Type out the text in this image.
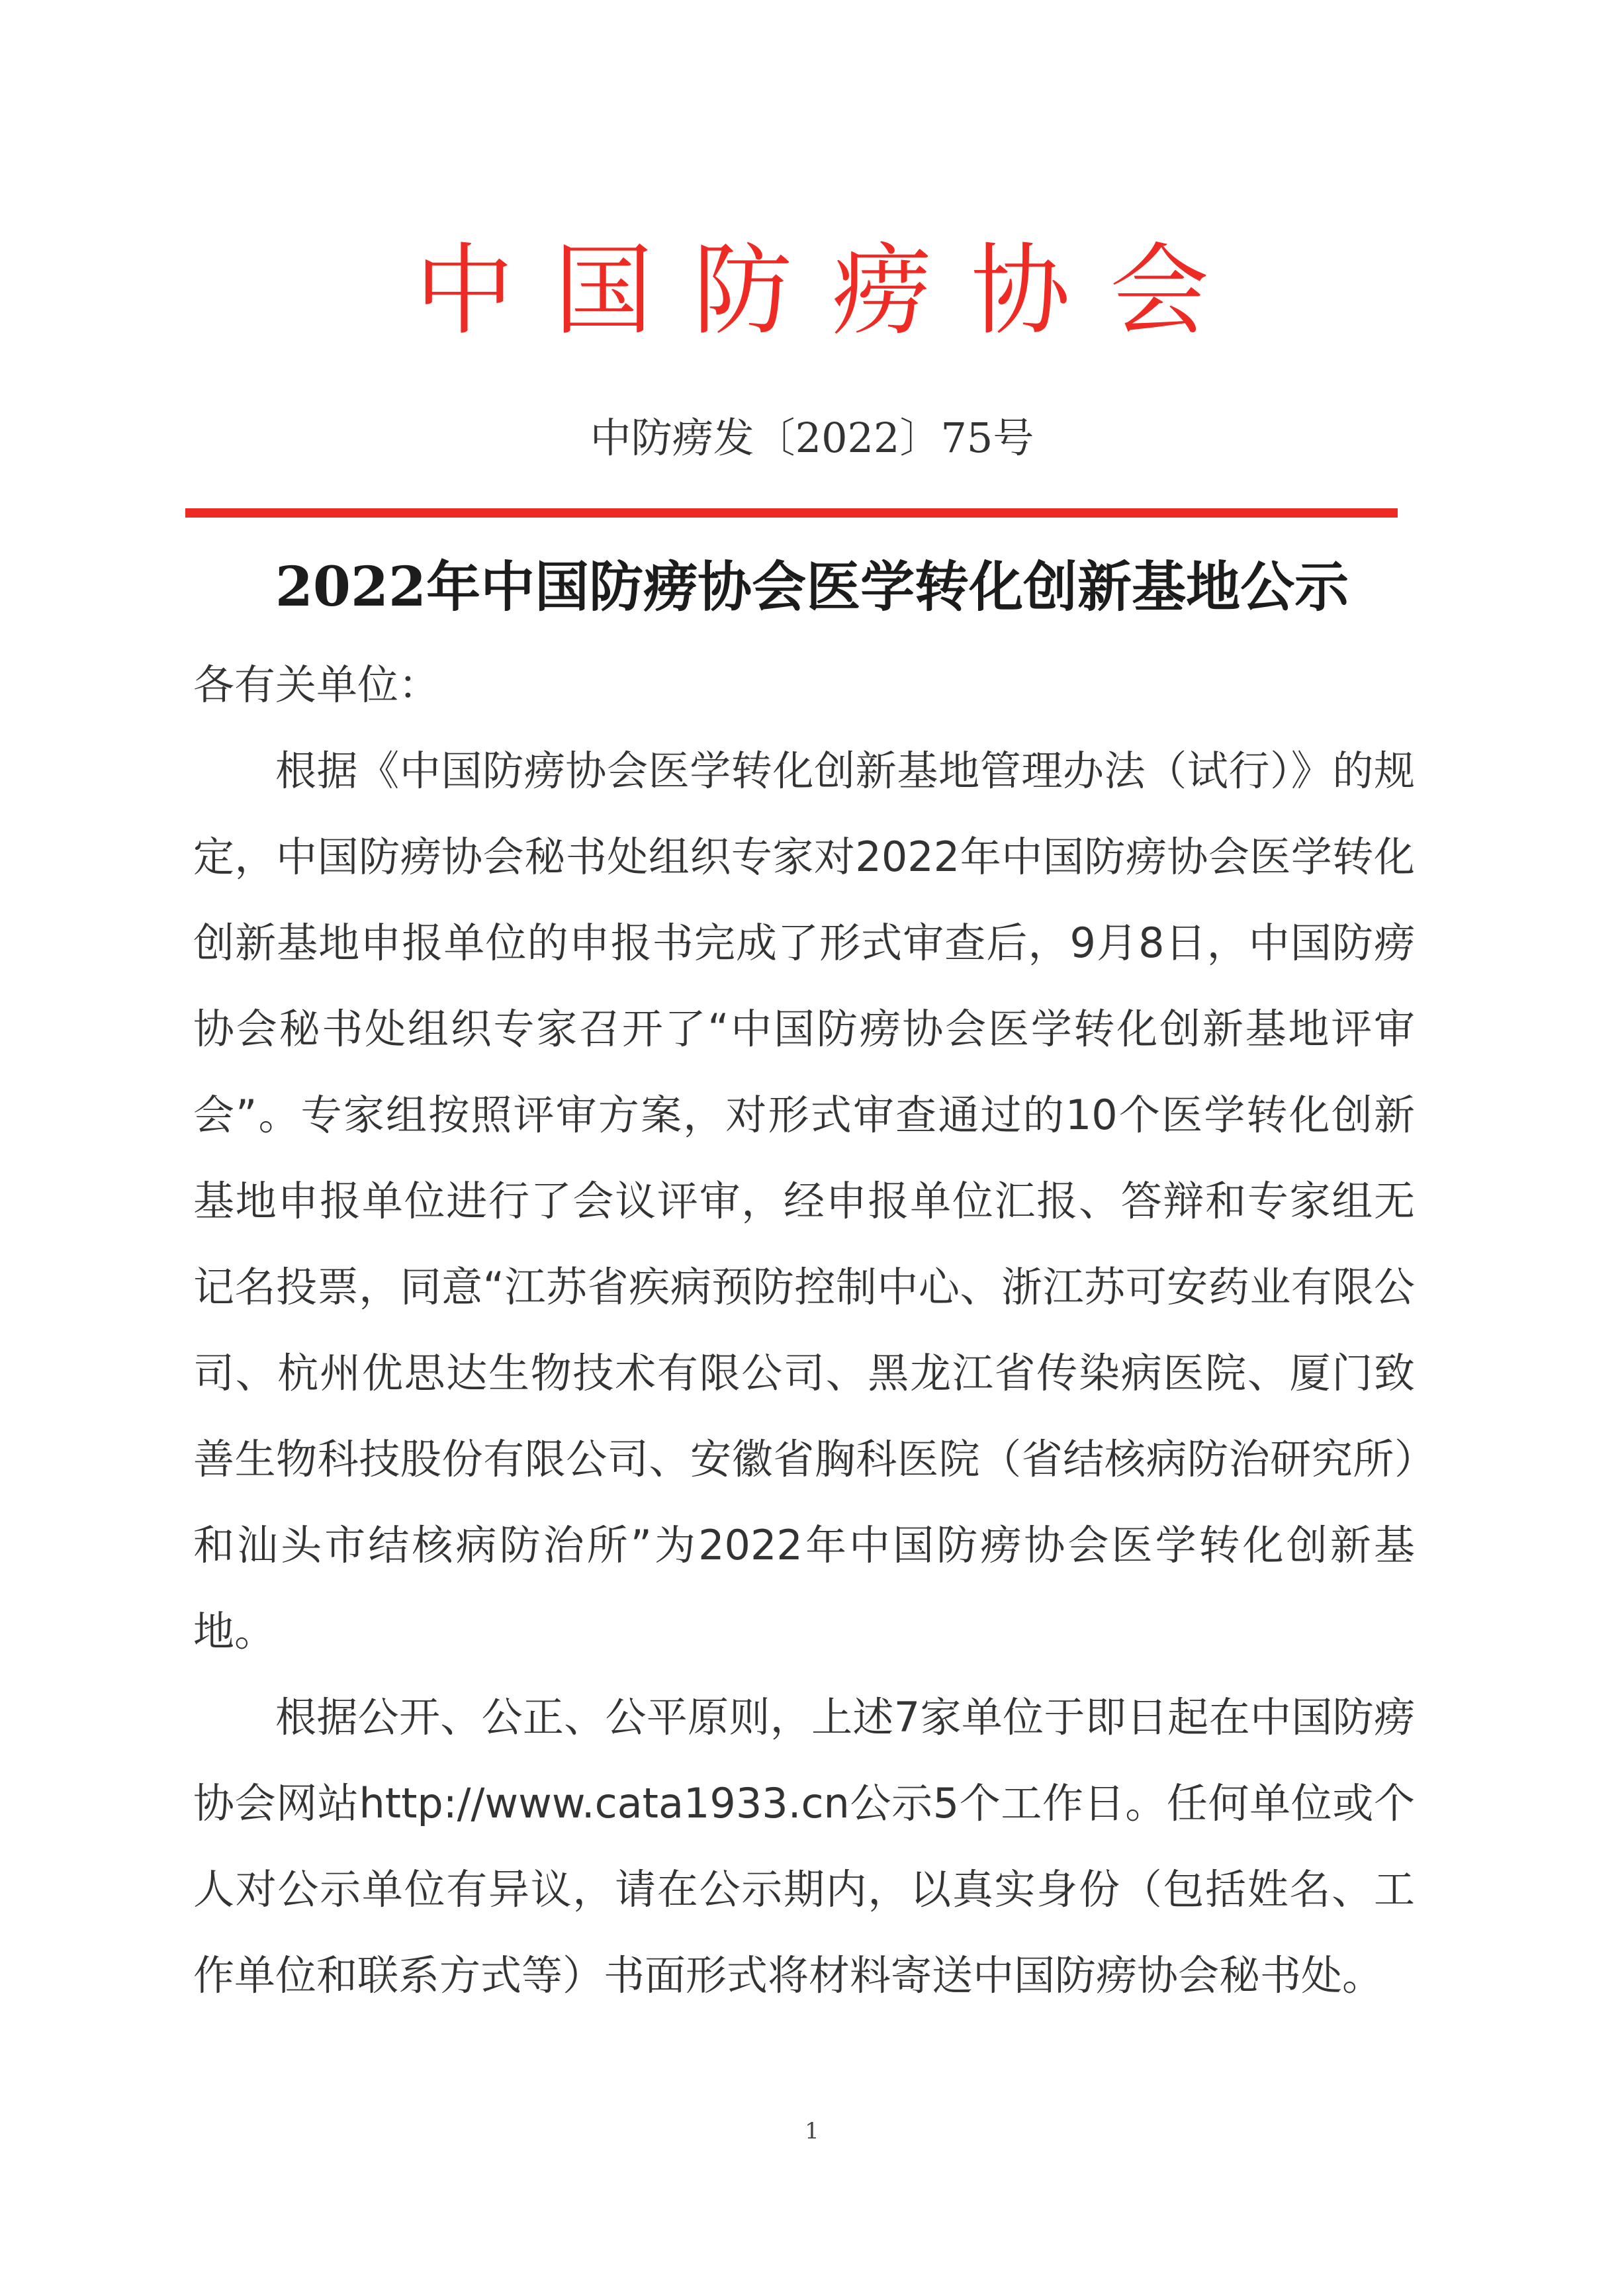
中国防痨协会
中防痨发〔2022〕75号
2022年中国防痨协会医学转化创新基地公示
各有关单位：
根据《中国防痨协会医学转化创新基地管理办法（试行）》的规定，中国防痨协会秘书处组织专家对2022年中国防痨协会医学转化创新基地申报单位的申报书完成了形式审查后，9月8日，中国防痨协会秘书处组织专家召开了“中国防痨协会医学转化创新基地评审会”。专家组按照评审方案，对形式审查通过的10个医学转化创新基地申报单位进行了会议评审，经申报单位汇报、答辩和专家组无记名投票，同意“江苏省疾病预防控制中心、浙江苏可安药业有限公司、杭州优思达生物技术有限公司、黑龙江省传染病医院、厦门致善生物科技股份有限公司、安徽省胸科医院（省结核病防治研究所）和汕头市结核病防治所”为2022年中国防痨协会医学转化创新基地。
根据公开、公正、公平原则，上述7家单位于即日起在中国防痨协会网站http://www.cata1933.cn公示5个工作日。任何单位或个人对公示单位有异议，请在公示期内，以真实身份（包括姓名、工作单位和联系方式等）书面形式将材料寄送中国防痨协会秘书处。
1
